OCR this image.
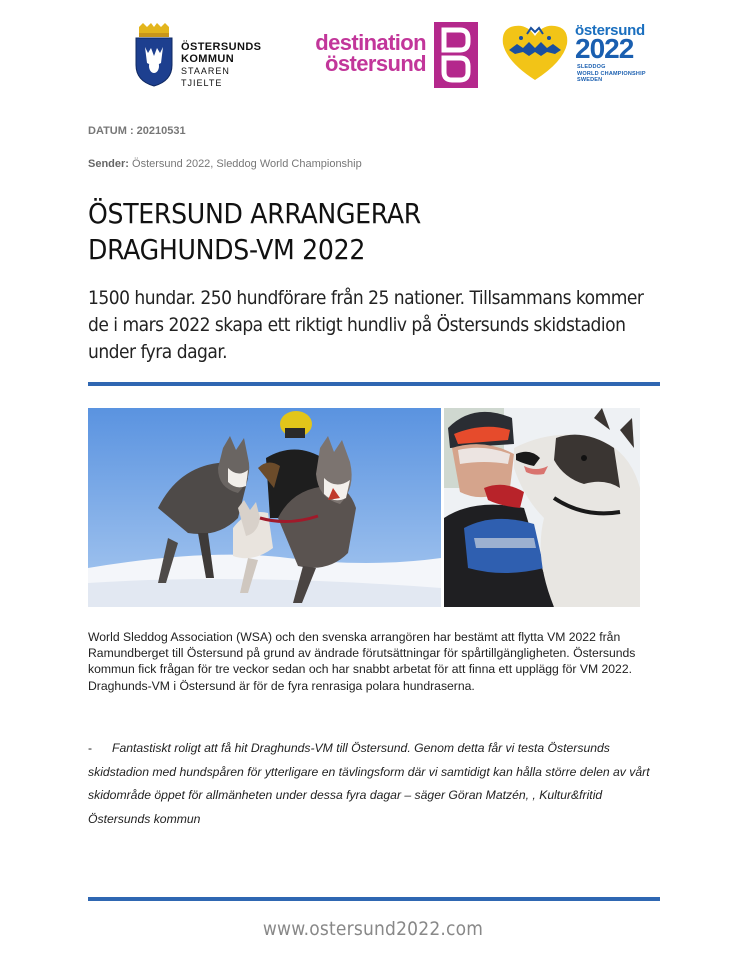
ÖSTERSUNDS
KOMMUN
STAAREN TJIELTE
destination
östersund
östersund
2022
SLEDDOG
WORLD CHAMPIONSHIP
SWEDEN
DATUM : 20210531
Sender: Östersund 2022, Sleddog World Championship
ÖSTERSUND ARRANGERAR
DRAGHUNDS-VM 2022
1500 hundar. 250 hundförare från 25 nationer. Tillsammans kommer de i mars 2022 skapa ett riktigt hundliv på Östersunds skidstadion under fyra dagar.
World Sleddog Association (WSA) och den svenska arrangören har bestämt att flytta VM 2022 från Ramundberget till Östersund på grund av ändrade förutsättningar för spårtillgängligheten. Östersunds kommun fick frågan för tre veckor sedan och har snabbt arbetat för att finna ett upplägg för VM 2022. Draghunds-VM i Östersund är för de fyra renrasiga polara hundraserna.
- Fantastiskt roligt att få hit Draghunds-VM till Östersund. Genom detta får vi testa Östersunds skidstadion med hundspåren för ytterligare en tävlingsform där vi samtidigt kan hålla större delen av vårt skidområde öppet för allmänheten under dessa fyra dagar – säger Göran Matzén, , Kultur&fritid Östersunds kommun
www.ostersund2022.com
